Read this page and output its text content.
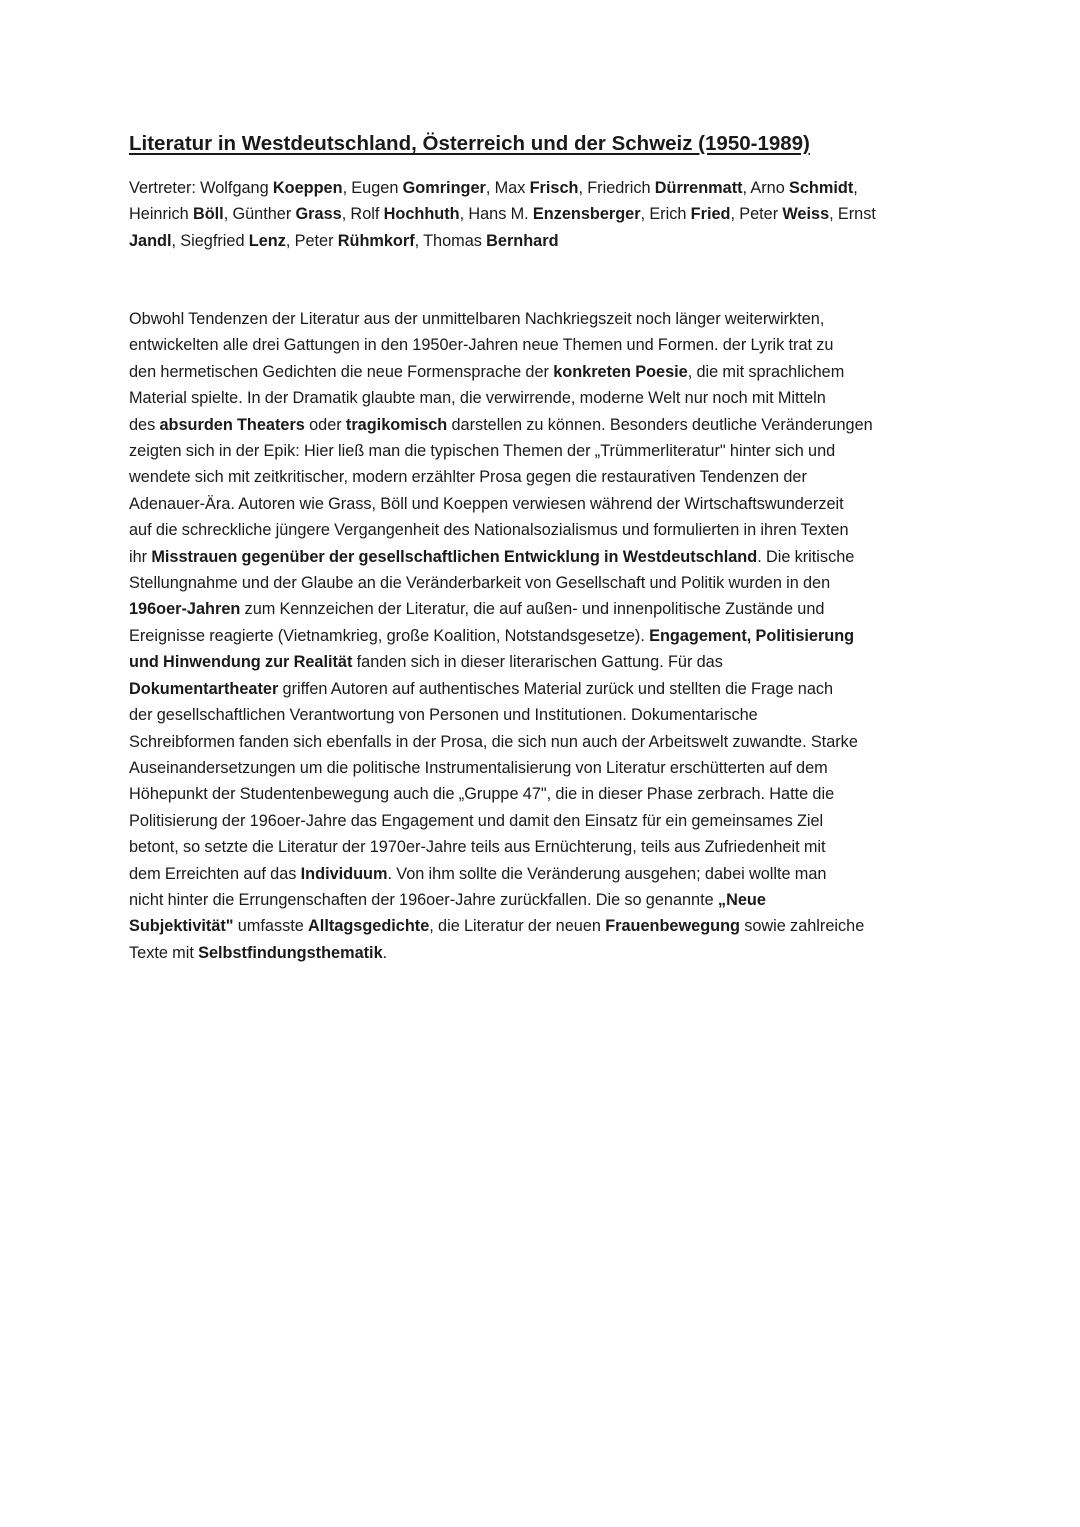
Literatur in Westdeutschland, Österreich und der Schweiz (1950-1989)
Vertreter: Wolfgang Koeppen, Eugen Gomringer, Max Frisch, Friedrich Dürrenmatt, Arno Schmidt,
Heinrich Böll, Günther Grass, Rolf Hochhuth, Hans M. Enzensberger, Erich Fried, Peter Weiss, Ernst
Jandl, Siegfried Lenz, Peter Rühmkorf, Thomas Bernhard
Obwohl Tendenzen der Literatur aus der unmittelbaren Nachkriegszeit noch länger weiterwirkten,
entwickelten alle drei Gattungen in den 1950er-Jahren neue Themen und Formen. der Lyrik trat zu
den hermetischen Gedichten die neue Formensprache der konkreten Poesie, die mit sprachlichem
Material spielte. In der Dramatik glaubte man, die verwirrende, moderne Welt nur noch mit Mitteln
des absurden Theaters oder tragikomisch darstellen zu können. Besonders deutliche Veränderungen
zeigten sich in der Epik: Hier ließ man die typischen Themen der „Trümmerliteratur" hinter sich und
wendete sich mit zeitkritischer, modern erzählter Prosa gegen die restaurativen Tendenzen der
Adenauer-Ära. Autoren wie Grass, Böll und Koeppen verwiesen während der Wirtschaftswunderzeit
auf die schreckliche jüngere Vergangenheit des Nationalsozialismus und formulierten in ihren Texten
ihr Misstrauen gegenüber der gesellschaftlichen Entwicklung in Westdeutschland. Die kritische
Stellungnahme und der Glaube an die Veränderbarkeit von Gesellschaft und Politik wurden in den
196oer-Jahren zum Kennzeichen der Literatur, die auf außen- und innenpolitische Zustände und
Ereignisse reagierte (Vietnamkrieg, große Koalition, Notstandsgesetze). Engagement, Politisierung
und Hinwendung zur Realität fanden sich in dieser literarischen Gattung. Für das
Dokumentartheater griffen Autoren auf authentisches Material zurück und stellten die Frage nach
der gesellschaftlichen Verantwortung von Personen und Institutionen. Dokumentarische
Schreibformen fanden sich ebenfalls in der Prosa, die sich nun auch der Arbeitswelt zuwandte. Starke
Auseinandersetzungen um die politische Instrumentalisierung von Literatur erschütterten auf dem
Höhepunkt der Studentenbewegung auch die „Gruppe 47", die in dieser Phase zerbrach. Hatte die
Politisierung der 196oer-Jahre das Engagement und damit den Einsatz für ein gemeinsames Ziel
betont, so setzte die Literatur der 1970er-Jahre teils aus Ernüchterung, teils aus Zufriedenheit mit
dem Erreichten auf das Individuum. Von ihm sollte die Veränderung ausgehen; dabei wollte man
nicht hinter die Errungenschaften der 196oer-Jahre zurückfallen. Die so genannte „Neue
Subjektivität" umfasste Alltagsgedichte, die Literatur der neuen Frauenbewegung sowie zahlreiche
Texte mit Selbstfindungsthematik.
